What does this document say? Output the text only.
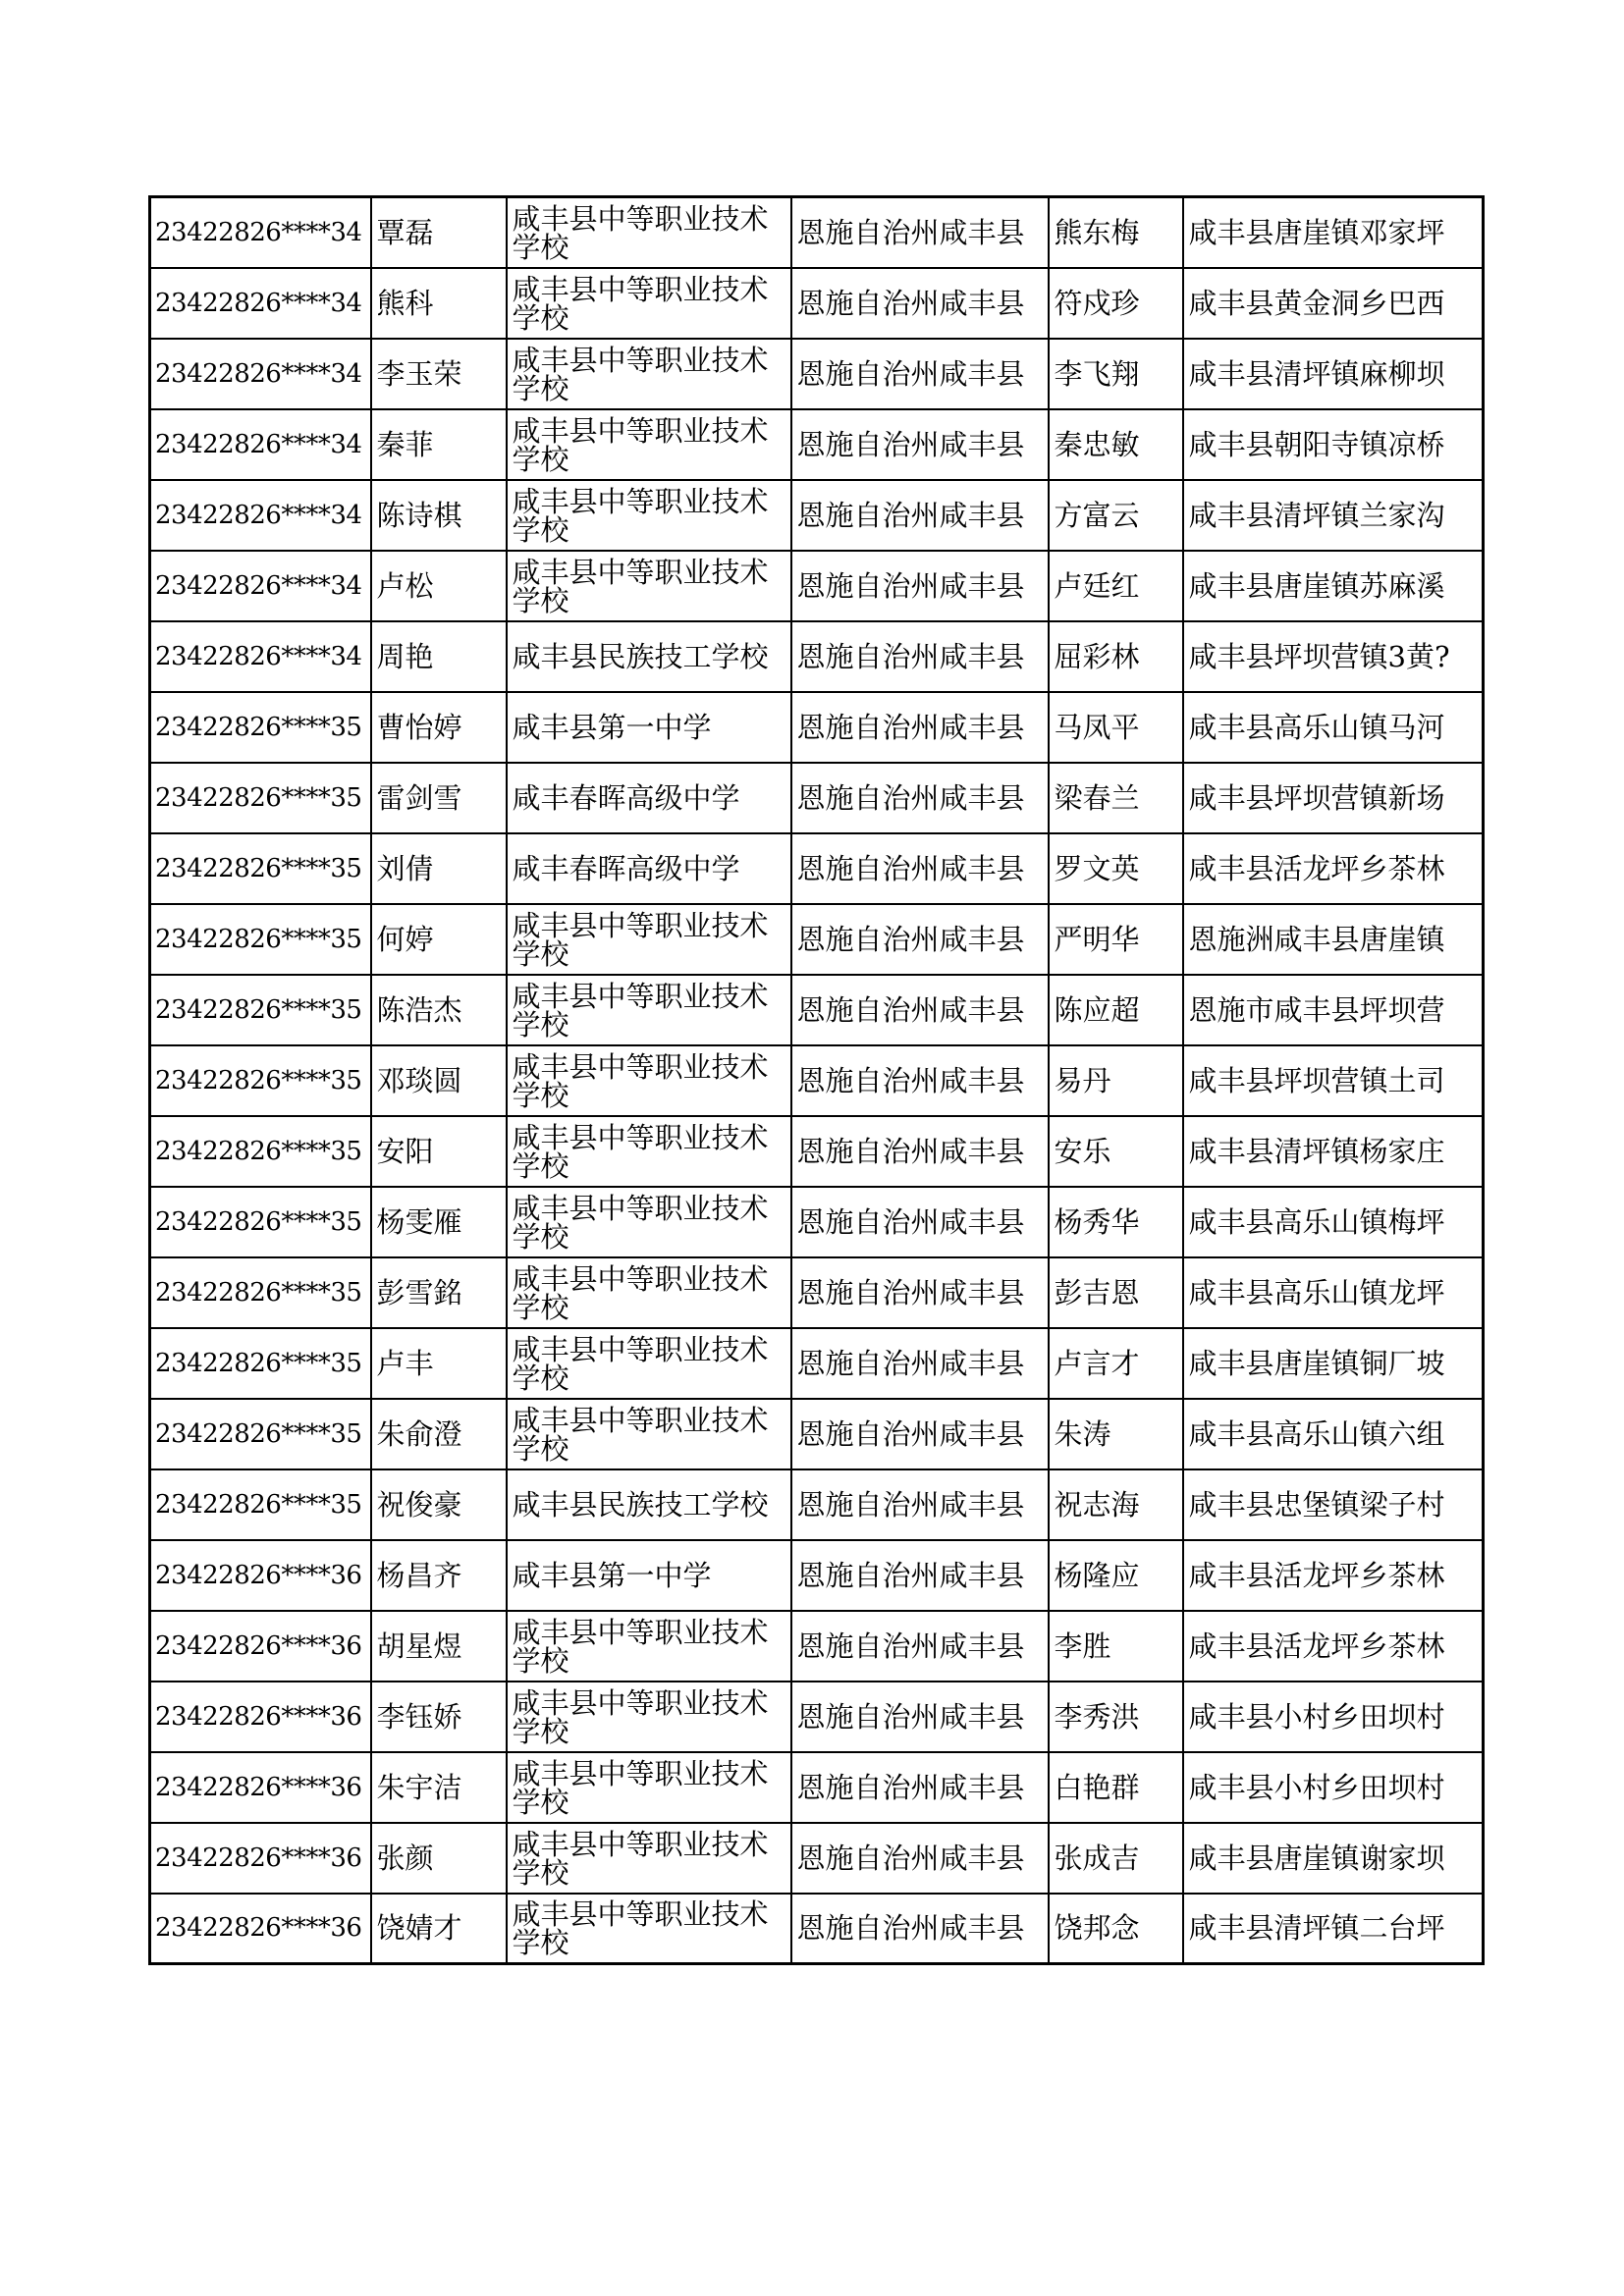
23422826****34	覃磊	咸丰县中等职业技术学校	恩施自治州咸丰县	熊东梅	咸丰县唐崖镇邓家坪
23422826****34	熊科	咸丰县中等职业技术学校	恩施自治州咸丰县	符戍珍	咸丰县黄金洞乡巴西
23422826****34	李玉荣	咸丰县中等职业技术学校	恩施自治州咸丰县	李飞翔	咸丰县清坪镇麻柳坝
23422826****34	秦菲	咸丰县中等职业技术学校	恩施自治州咸丰县	秦忠敏	咸丰县朝阳寺镇凉桥
23422826****34	陈诗棋	咸丰县中等职业技术学校	恩施自治州咸丰县	方富云	咸丰县清坪镇兰家沟
23422826****34	卢松	咸丰县中等职业技术学校	恩施自治州咸丰县	卢廷红	咸丰县唐崖镇苏麻溪
23422826****34	周艳	咸丰县民族技工学校	恩施自治州咸丰县	屈彩林	咸丰县坪坝营镇3黄?
23422826****35	曹怡婷	咸丰县第一中学	恩施自治州咸丰县	马凤平	咸丰县高乐山镇马河
23422826****35	雷剑雪	咸丰春晖高级中学	恩施自治州咸丰县	梁春兰	咸丰县坪坝营镇新场
23422826****35	刘倩	咸丰春晖高级中学	恩施自治州咸丰县	罗文英	咸丰县活龙坪乡茶林
23422826****35	何婷	咸丰县中等职业技术学校	恩施自治州咸丰县	严明华	恩施洲咸丰县唐崖镇
23422826****35	陈浩杰	咸丰县中等职业技术学校	恩施自治州咸丰县	陈应超	恩施市咸丰县坪坝营
23422826****35	邓琰圆	咸丰县中等职业技术学校	恩施自治州咸丰县	易丹	咸丰县坪坝营镇土司
23422826****35	安阳	咸丰县中等职业技术学校	恩施自治州咸丰县	安乐	咸丰县清坪镇杨家庄
23422826****35	杨雯雁	咸丰县中等职业技术学校	恩施自治州咸丰县	杨秀华	咸丰县高乐山镇梅坪
23422826****35	彭雪銘	咸丰县中等职业技术学校	恩施自治州咸丰县	彭吉恩	咸丰县高乐山镇龙坪
23422826****35	卢丰	咸丰县中等职业技术学校	恩施自治州咸丰县	卢言才	咸丰县唐崖镇铜厂坡
23422826****35	朱俞澄	咸丰县中等职业技术学校	恩施自治州咸丰县	朱涛	咸丰县高乐山镇六组
23422826****35	祝俊豪	咸丰县民族技工学校	恩施自治州咸丰县	祝志海	咸丰县忠堡镇梁子村
23422826****36	杨昌齐	咸丰县第一中学	恩施自治州咸丰县	杨隆应	咸丰县活龙坪乡茶林
23422826****36	胡星煜	咸丰县中等职业技术学校	恩施自治州咸丰县	李胜	咸丰县活龙坪乡茶林
23422826****36	李钰娇	咸丰县中等职业技术学校	恩施自治州咸丰县	李秀洪	咸丰县小村乡田坝村
23422826****36	朱宇洁	咸丰县中等职业技术学校	恩施自治州咸丰县	白艳群	咸丰县小村乡田坝村
23422826****36	张颜	咸丰县中等职业技术学校	恩施自治州咸丰县	张成吉	咸丰县唐崖镇谢家坝
23422826****36	饶婧才	咸丰县中等职业技术学校	恩施自治州咸丰县	饶邦念	咸丰县清坪镇二台坪
